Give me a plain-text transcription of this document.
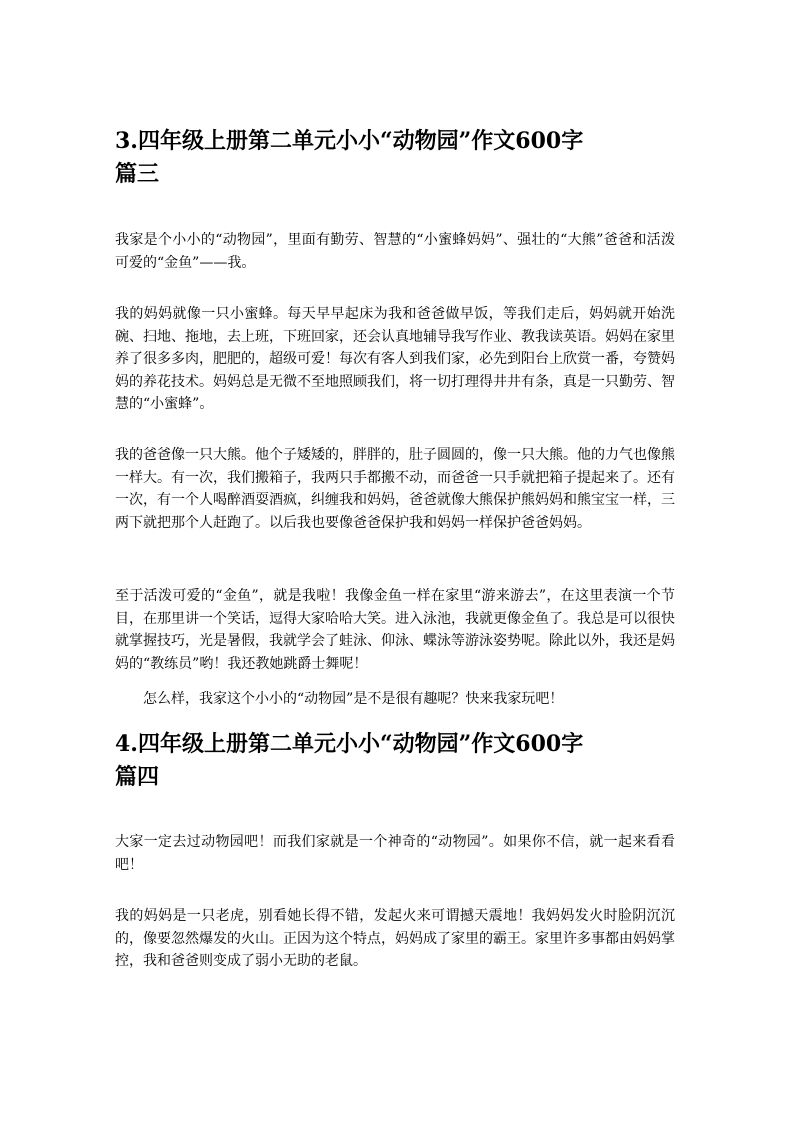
3.四年级上册第二单元小小“动物园”作文600字
篇三

我家是个小小的“动物园”，里面有勤劳、智慧的“小蜜蜂妈妈”、强壮的“大熊”爸爸和活泼可爱的“金鱼”——我。

我的妈妈就像一只小蜜蜂。每天早早起床为我和爸爸做早饭，等我们走后，妈妈就开始洗碗、扫地、拖地，去上班，下班回家，还会认真地辅导我写作业、教我读英语。妈妈在家里养了很多多肉，肥肥的，超级可爱！每次有客人到我们家，必先到阳台上欣赏一番，夸赞妈妈的养花技术。妈妈总是无微不至地照顾我们，将一切打理得井井有条，真是一只勤劳、智慧的“小蜜蜂”。

我的爸爸像一只大熊。他个子矮矮的，胖胖的，肚子圆圆的，像一只大熊。他的力气也像熊一样大。有一次，我们搬箱子，我两只手都搬不动，而爸爸一只手就把箱子提起来了。还有一次，有一个人喝醉酒耍酒疯，纠缠我和妈妈，爸爸就像大熊保护熊妈妈和熊宝宝一样，三两下就把那个人赶跑了。以后我也要像爸爸保护我和妈妈一样保护爸爸妈妈。

至于活泼可爱的“金鱼”，就是我啦！我像金鱼一样在家里“游来游去”，在这里表演一个节目，在那里讲一个笑话，逗得大家哈哈大笑。进入泳池，我就更像金鱼了。我总是可以很快就掌握技巧，光是暑假，我就学会了蛙泳、仰泳、蝶泳等游泳姿势呢。除此以外，我还是妈妈的“教练员”哟！我还教她跳爵士舞呢！

怎么样，我家这个小小的“动物园”是不是很有趣呢？快来我家玩吧！

4.四年级上册第二单元小小“动物园”作文600字
篇四

大家一定去过动物园吧！而我们家就是一个神奇的“动物园”。如果你不信，就一起来看看吧！

我的妈妈是一只老虎，别看她长得不错，发起火来可谓撼天震地！我妈妈发火时脸阴沉沉的，像要忽然爆发的火山。正因为这个特点，妈妈成了家里的霸王。家里许多事都由妈妈掌控，我和爸爸则变成了弱小无助的老鼠。
